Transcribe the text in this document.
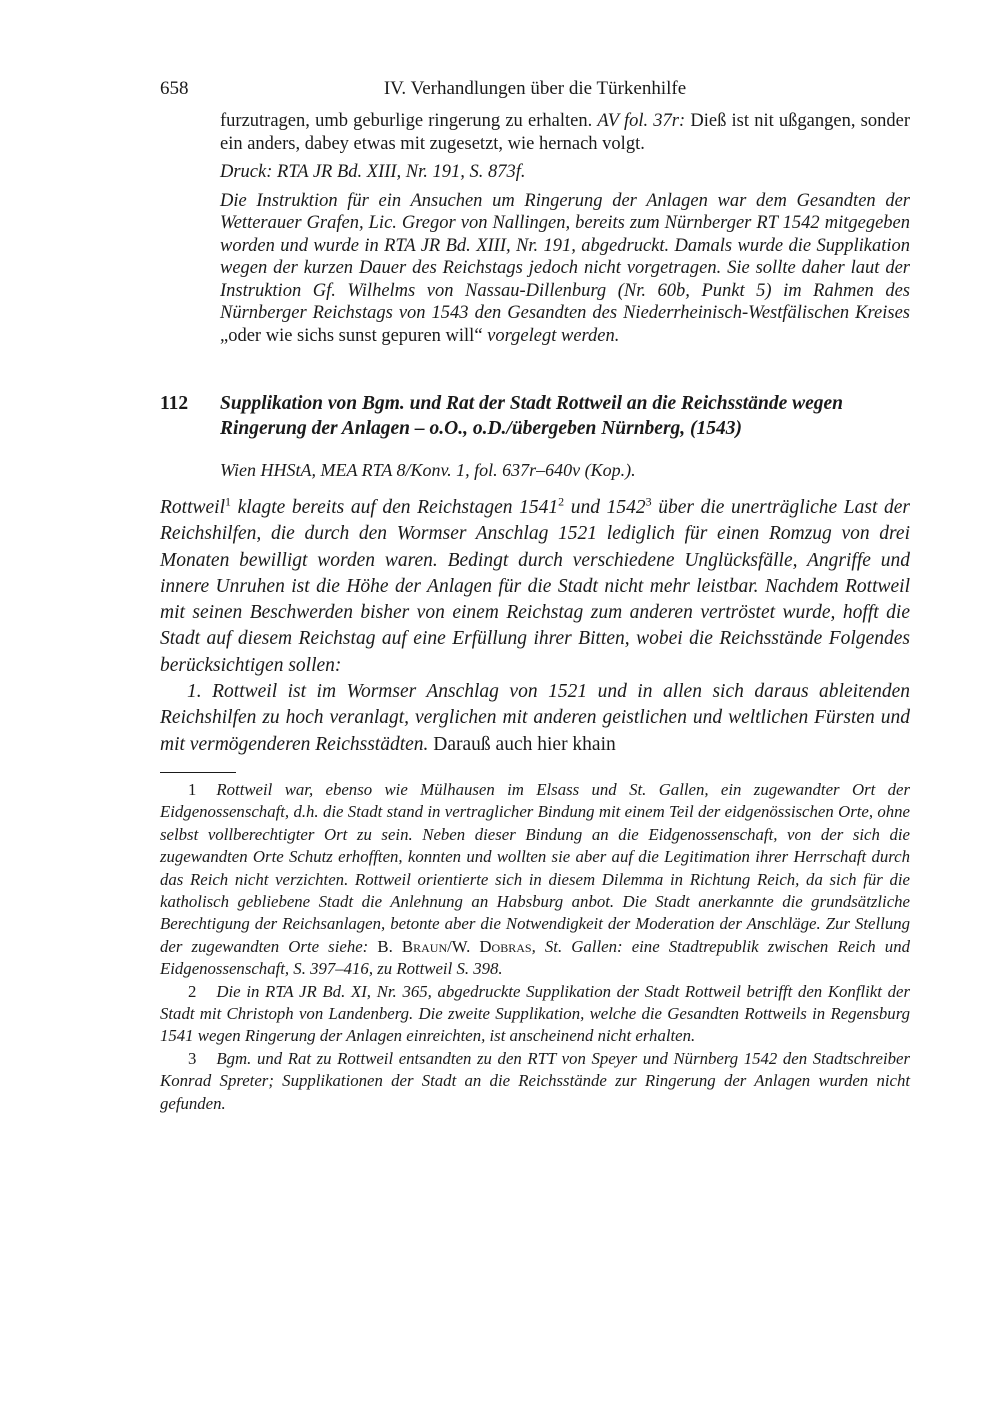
658	IV. Verhandlungen über die Türkenhilfe

furzutragen, umb geburlige ringerung zu erhalten. AV fol. 37r: Dieß ist nit ußgangen, sonder ein anders, dabey etwas mit zugesetzt, wie hernach volgt.

Druck: RTA JR Bd. XIII, Nr. 191, S. 873f.

Die Instruktion für ein Ansuchen um Ringerung der Anlagen war dem Gesandten der Wetterauer Grafen, Lic. Gregor von Nallingen, bereits zum Nürnberger RT 1542 mitgegeben worden und wurde in RTA JR Bd. XIII, Nr. 191, abgedruckt. Damals wurde die Supplikation wegen der kurzen Dauer des Reichstags jedoch nicht vorgetragen. Sie sollte daher laut der Instruktion Gf. Wilhelms von Nassau-Dillenburg (Nr. 60b, Punkt 5) im Rahmen des Nürnberger Reichstags von 1543 den Gesandten des Niederrheinisch-Westfälischen Kreises „oder wie sichs sunst gepuren will“ vorgelegt werden.

112	Supplikation von Bgm. und Rat der Stadt Rottweil an die Reichsstände wegen Ringerung der Anlagen – o.O., o.D./übergeben Nürnberg, (1543)
Wien HHStA, MEA RTA 8/Konv. 1, fol. 637r–640v (Kop.).

Rottweil$^1$ klagte bereits auf den Reichstagen 1541$^2$ und 1542$^3$ über die unerträgliche Last der Reichshilfen, die durch den Wormser Anschlag 1521 lediglich für einen Romzug von drei Monaten bewilligt worden waren. Bedingt durch verschiedene Unglücksfälle, Angriffe und innere Unruhen ist die Höhe der Anlagen für die Stadt nicht mehr leistbar. Nachdem Rottweil mit seinen Beschwerden bisher von einem Reichstag zum anderen vertröstet wurde, hofft die Stadt auf diesem Reichstag auf eine Erfüllung ihrer Bitten, wobei die Reichsstände Folgendes berücksichtigen sollen:

1. Rottweil ist im Wormser Anschlag von 1521 und in allen sich daraus ableitenden Reichshilfen zu hoch veranlagt, verglichen mit anderen geistlichen und weltlichen Fürsten und mit vermögenderen Reichsstädten. Darauß auch hier khain

1 Rottweil war, ebenso wie Mülhausen im Elsass und St. Gallen, ein zugewandter Ort der Eidgenossenschaft, d.h. die Stadt stand in vertraglicher Bindung mit einem Teil der eidgenössischen Orte, ohne selbst vollberechtigter Ort zu sein. Neben dieser Bindung an die Eidgenossenschaft, von der sich die zugewandten Orte Schutz erhofften, konnten und wollten sie aber auf die Legitimation ihrer Herrschaft durch das Reich nicht verzichten. Rottweil orientierte sich in diesem Dilemma in Richtung Reich, da sich für die katholisch gebliebene Stadt die Anlehnung an Habsburg anbot. Die Stadt anerkannte die grundsätzliche Berechtigung der Reichsanlagen, betonte aber die Notwendigkeit der Moderation der Anschläge. Zur Stellung der zugewandten Orte siehe: B. Braun/W. Dobras, St. Gallen: eine Stadtrepublik zwischen Reich und Eidgenossenschaft, S. 397–416, zu Rottweil S. 398.

2 Die in RTA JR Bd. XI, Nr. 365, abgedruckte Supplikation der Stadt Rottweil betrifft den Konflikt der Stadt mit Christoph von Landenberg. Die zweite Supplikation, welche die Gesandten Rottweils in Regensburg 1541 wegen Ringerung der Anlagen einreichten, ist anscheinend nicht erhalten.

3 Bgm. und Rat zu Rottweil entsandten zu den RTT von Speyer und Nürnberg 1542 den Stadtschreiber Konrad Spreter; Supplikationen der Stadt an die Reichsstände zur Ringerung der Anlagen wurden nicht gefunden.
